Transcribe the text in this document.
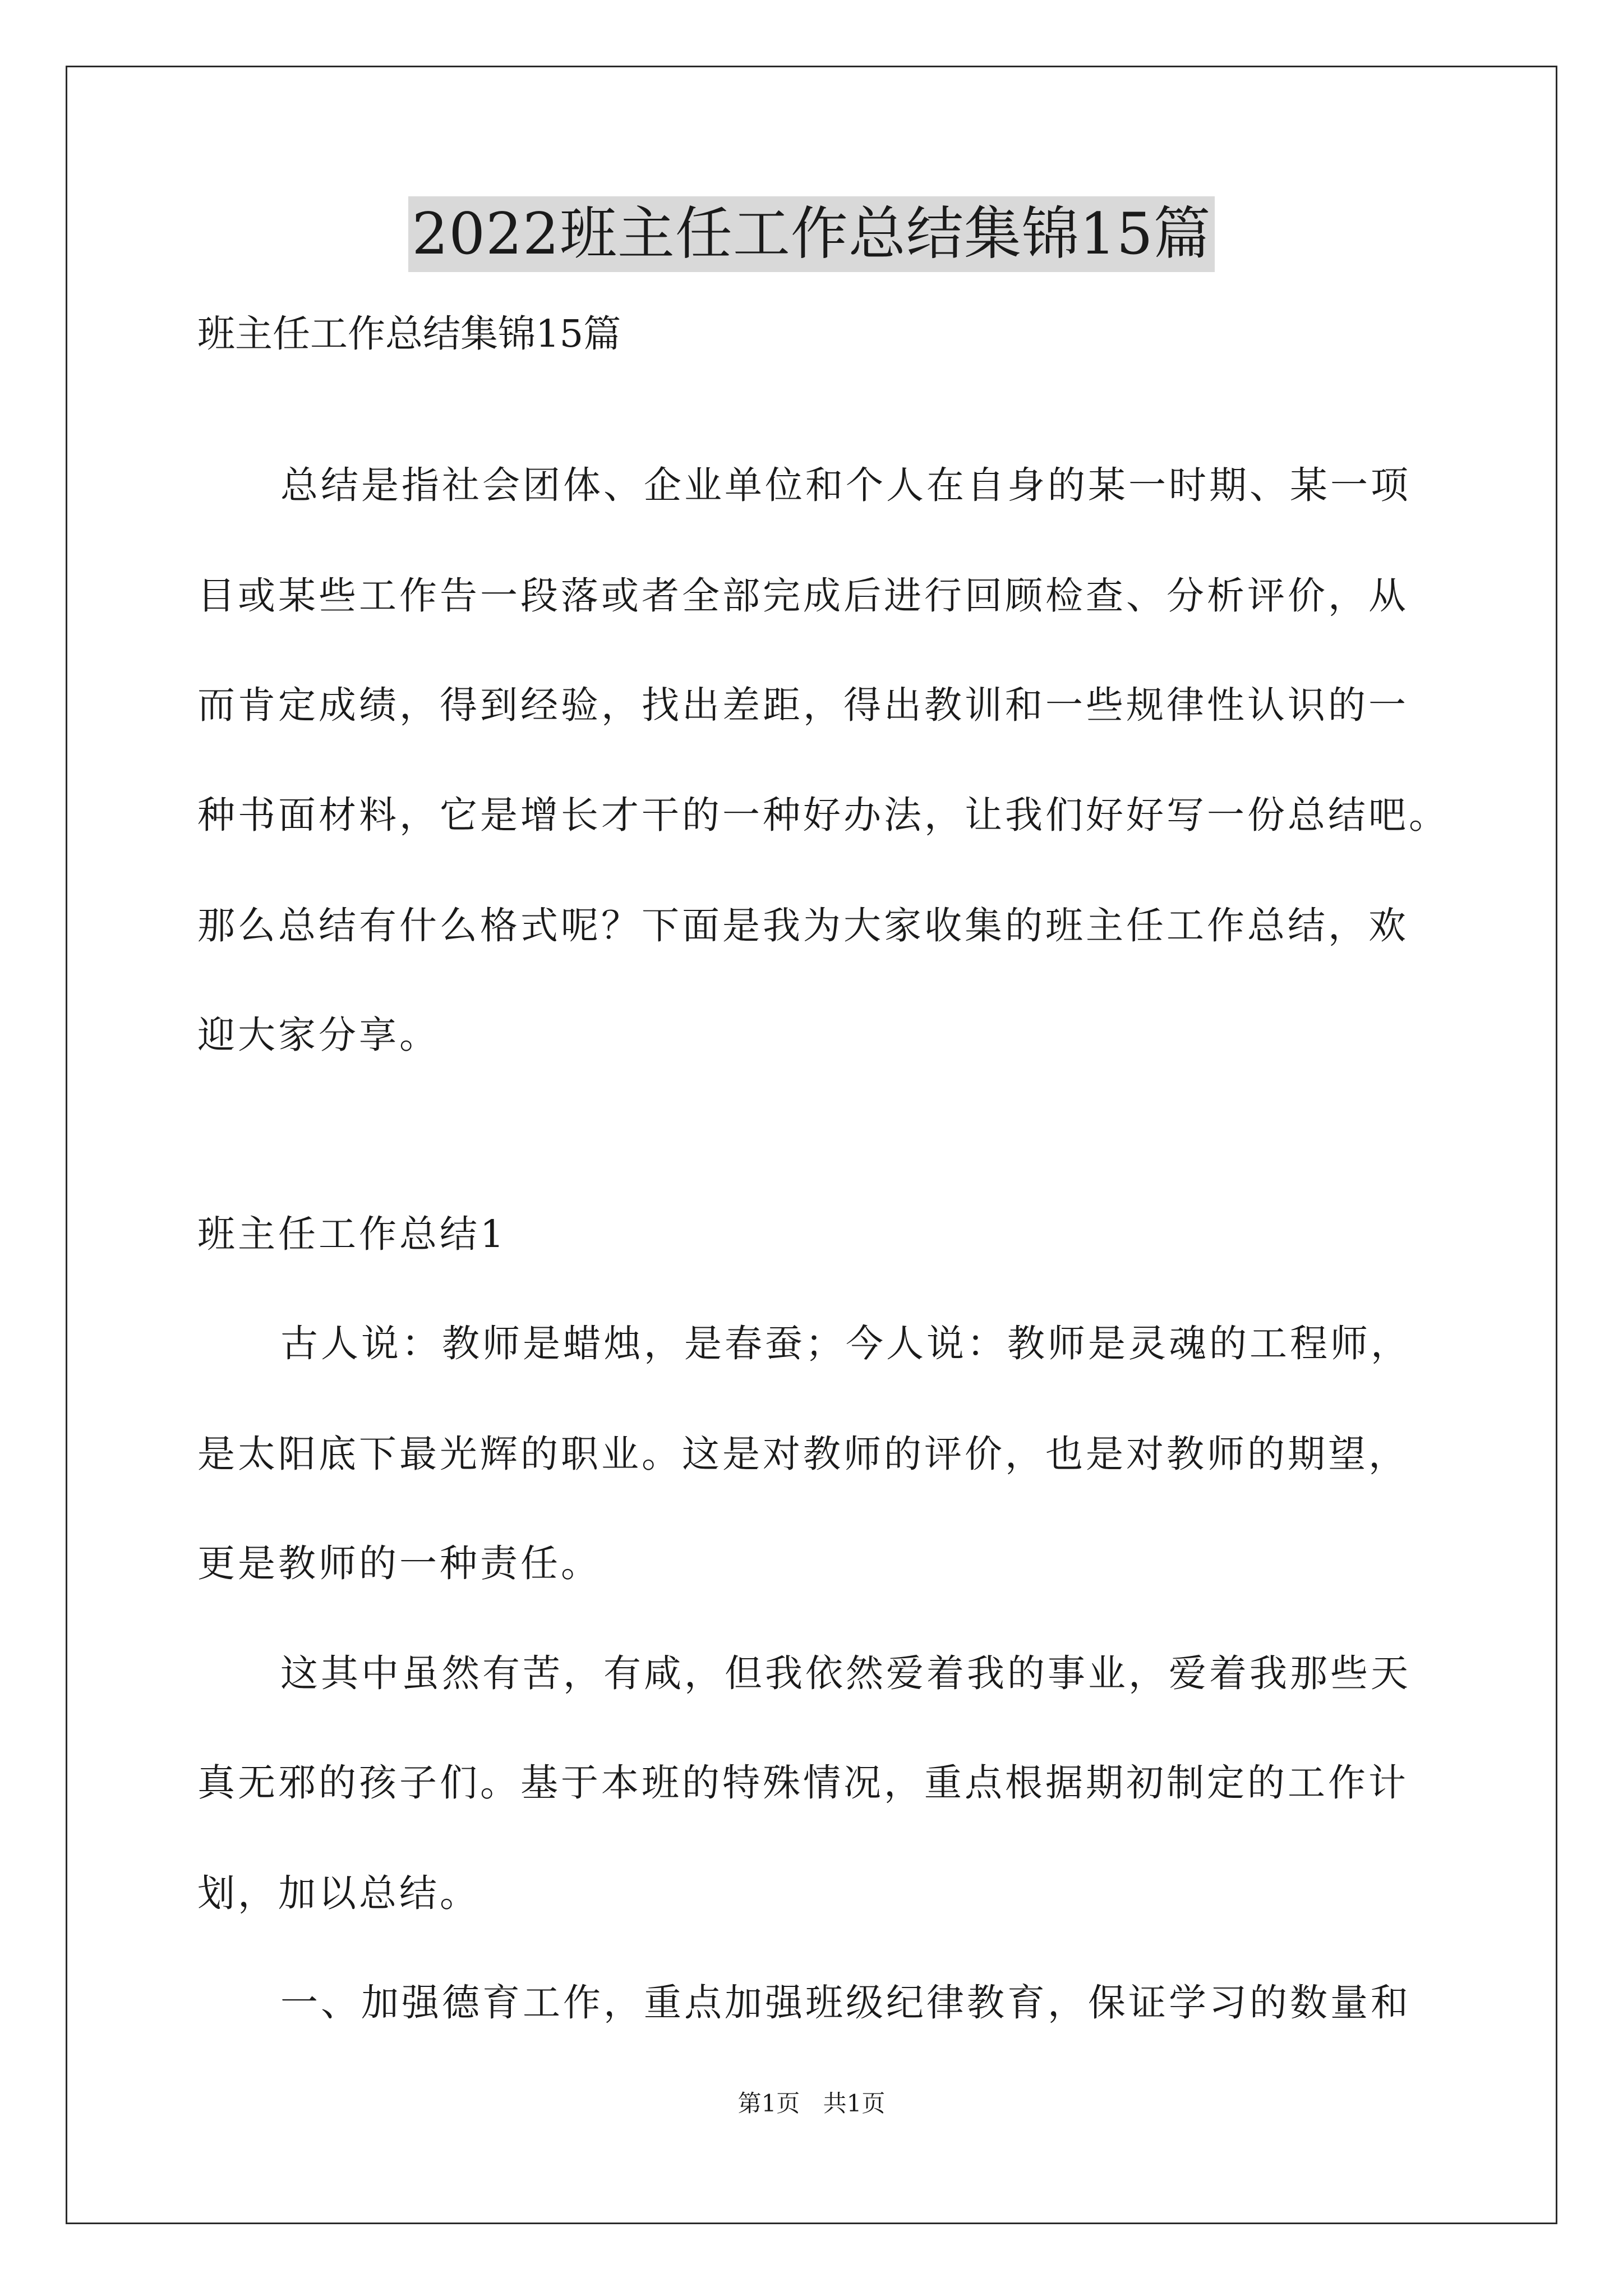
2022班主任工作总结集锦15篇
班主任工作总结集锦15篇
总结是指社会团体、企业单位和个人在自身的某一时期、某一项
目或某些工作告一段落或者全部完成后进行回顾检查、分析评价，从
而肯定成绩，得到经验，找出差距，得出教训和一些规律性认识的一
种书面材料，它是增长才干的一种好办法，让我们好好写一份总结吧。
那么总结有什么格式呢？下面是我为大家收集的班主任工作总结，欢
迎大家分享。
班主任工作总结1
古人说：教师是蜡烛，是春蚕；今人说：教师是灵魂的工程师，
是太阳底下最光辉的职业。这是对教师的评价，也是对教师的期望，
更是教师的一种责任。
这其中虽然有苦，有咸，但我依然爱着我的事业，爱着我那些天
真无邪的孩子们。基于本班的特殊情况，重点根据期初制定的工作计
划，加以总结。
一、加强德育工作，重点加强班级纪律教育，保证学习的数量和
第1页 共1页
